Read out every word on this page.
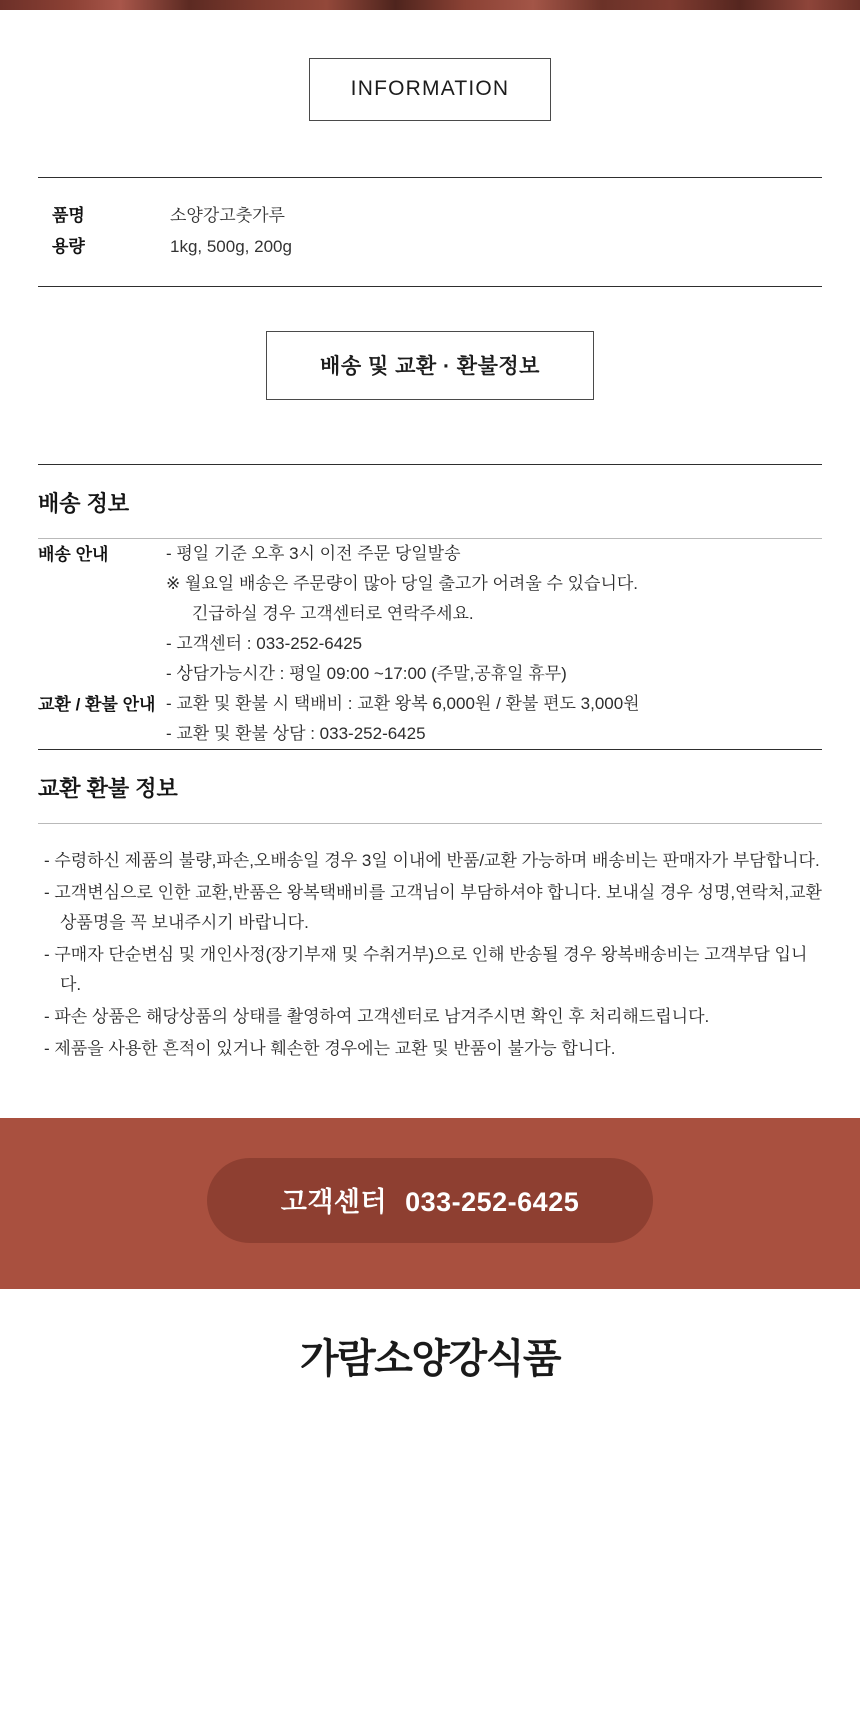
INFORMATION
품명	소양강고춧가루
용량	1kg, 500g, 200g
배송 및 교환 · 환불정보
배송 정보
배송 안내	- 평일 기준 오후 3시 이전 주문 당일발송
※ 월요일 배송은 주문량이 많아 당일 출고가 어려울 수 있습니다.

긴급하실 경우 고객센터로 연락주세요.
- 고객센터 : 033-252-6425
- 상담가능시간 : 평일 09:00 ~17:00 (주말,공휴일 휴무)
교환 / 환불 안내	- 교환 및 환불 시 택배비 : 교환 왕복 6,000원 / 환불 편도 3,000원
- 교환 및 환불 상담 : 033-252-6425
교환 환불 정보
- 수령하신 제품의 불량,파손,오배송일 경우 3일 이내에 반품/교환 가능하며 배송비는 판매자가 부담합니다.
- 고객변심으로 인한 교환,반품은 왕복택배비를 고객님이 부담하셔야 합니다. 보내실 경우 성명,연락처,교환상품명을 꼭 보내주시기 바랍니다.
- 구매자 단순변심 및 개인사정(장기부재 및 수취거부)으로 인해 반송될 경우 왕복배송비는 고객부담 입니다.
- 파손 상품은 해당상품의 상태를 촬영하여 고객센터로 남겨주시면 확인 후 처리해드립니다.
- 제품을 사용한 흔적이 있거나 훼손한 경우에는 교환 및 반품이 불가능 합니다.
고객센터 033-252-6425
가람소양강식품
